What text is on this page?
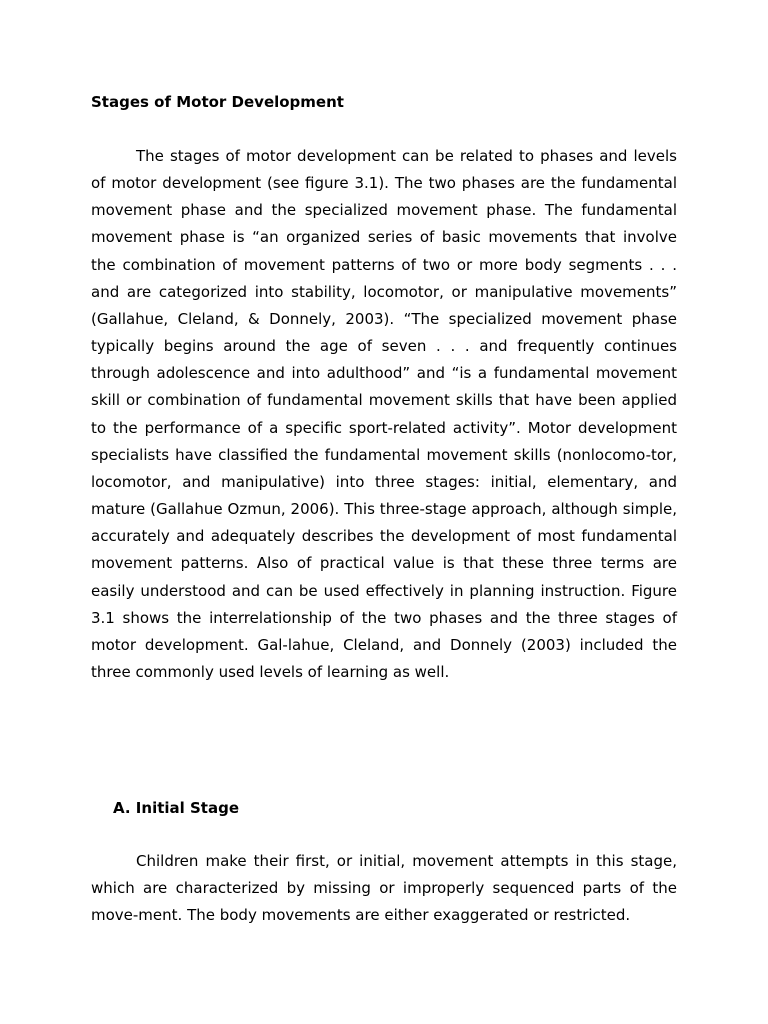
Stages of Motor Development

The stages of motor development can be related to phases and levels of motor development (see figure 3.1). The two phases are the fundamental movement phase and the specialized movement phase. The fundamental movement phase is “an organized series of basic movements that involve the combination of movement patterns of two or more body segments . . . and are categorized into stability, locomotor, or manipulative movements” (Gallahue, Cleland, & Donnely, 2003). “The specialized movement phase typically begins around the age of seven . . . and frequently continues through adolescence and into adulthood” and “is a fundamental movement skill or combination of fundamental movement skills that have been applied to the performance of a specific sport-related activity”. Motor development specialists have classified the fundamental movement skills (nonlocomo-tor, locomotor, and manipulative) into three stages: initial, elementary, and mature (Gallahue Ozmun, 2006). This three-stage approach, although simple, accurately and adequately describes the development of most fundamental movement patterns. Also of practical value is that these three terms are easily understood and can be used effectively in planning instruction. Figure 3.1 shows the interrelationship of the two phases and the three stages of motor development. Gal-lahue, Cleland, and Donnely (2003) included the three commonly used levels of learning as well.

A. Initial Stage

Children make their first, or initial, movement attempts in this stage, which are characterized by missing or improperly sequenced parts of the move-ment. The body movements are either exaggerated or restricted.
